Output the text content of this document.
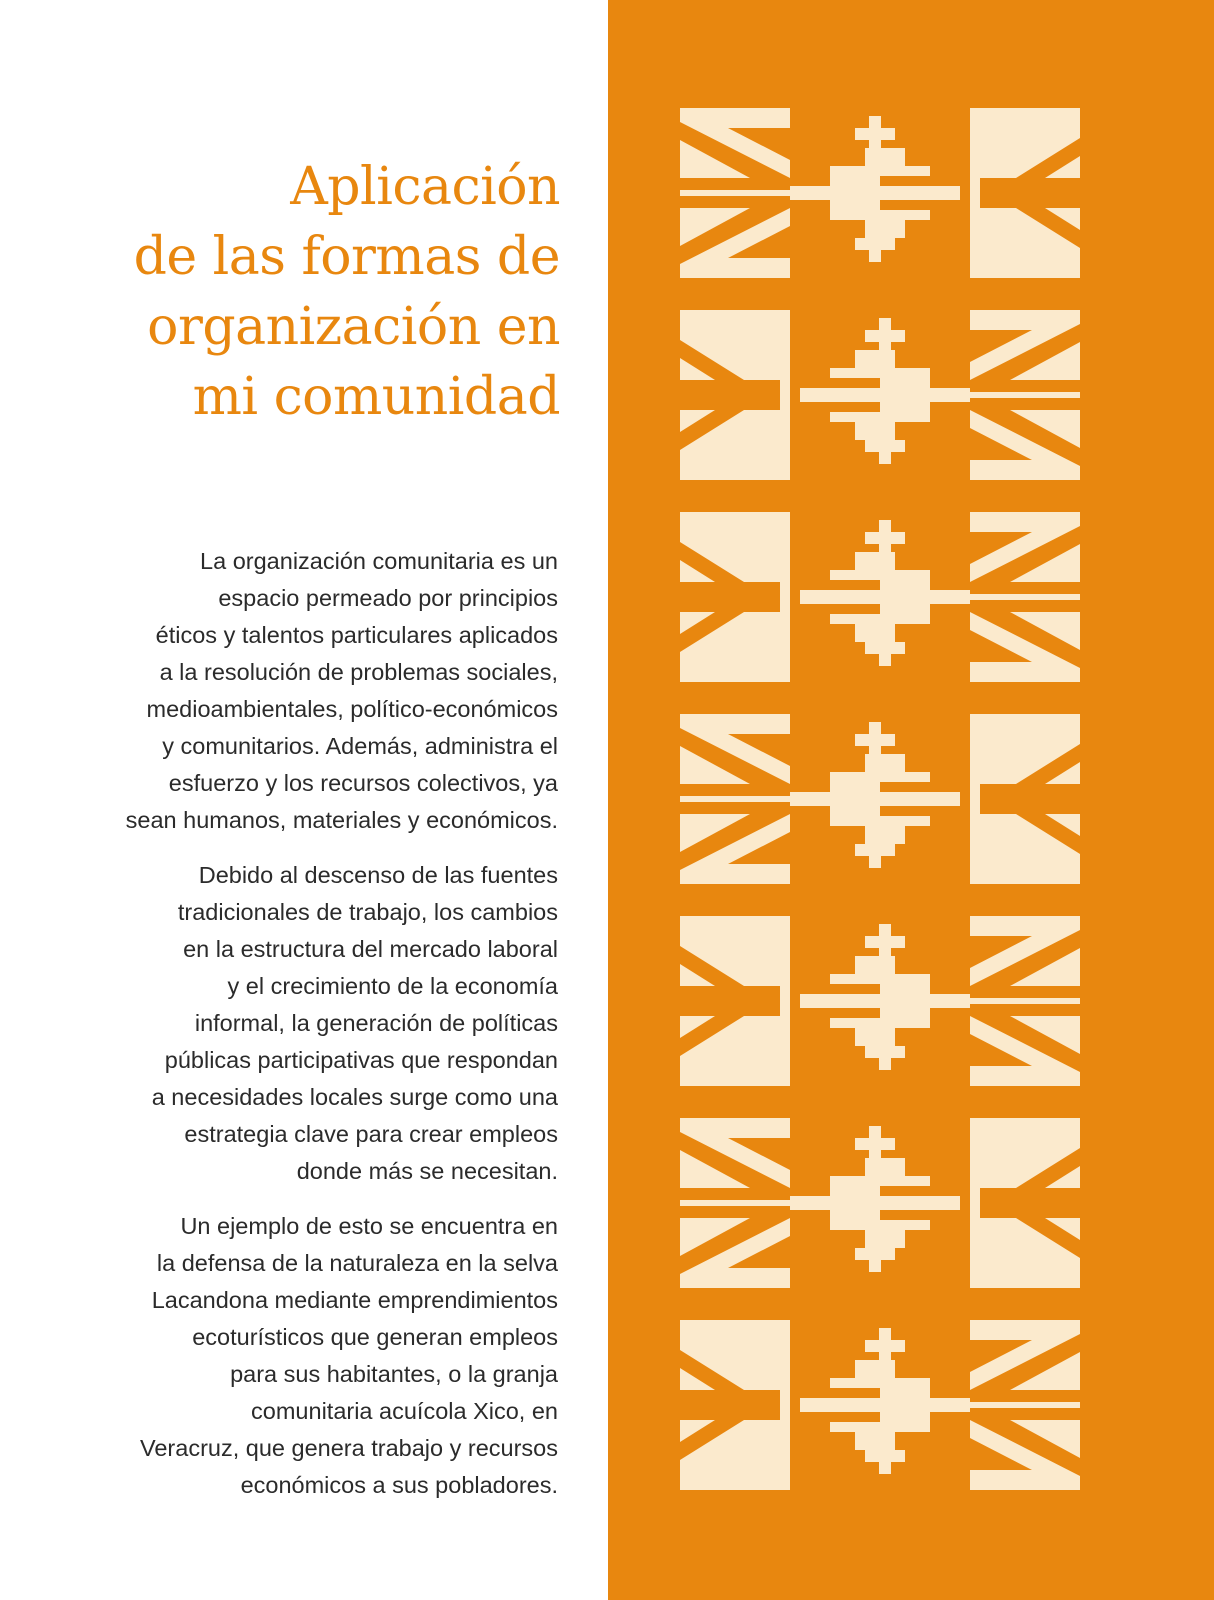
Aplicación
de las formas de
organización en
mi comunidad

La organización comunitaria es un
espacio permeado por principios
éticos y talentos particulares aplicados
a la resolución de problemas sociales,
medioambientales, político-económicos
y comunitarios. Además, administra el
esfuerzo y los recursos colectivos, ya
sean humanos, materiales y económicos.

Debido al descenso de las fuentes
tradicionales de trabajo, los cambios
en la estructura del mercado laboral
y el crecimiento de la economía
informal, la generación de políticas
públicas participativas que respondan
a necesidades locales surge como una
estrategia clave para crear empleos
donde más se necesitan.

Un ejemplo de esto se encuentra en
la defensa de la naturaleza en la selva
Lacandona mediante emprendimientos
ecoturísticos que generan empleos
para sus habitantes, o la granja
comunitaria acuícola Xico, en
Veracruz, que genera trabajo y recursos
económicos a sus pobladores.
